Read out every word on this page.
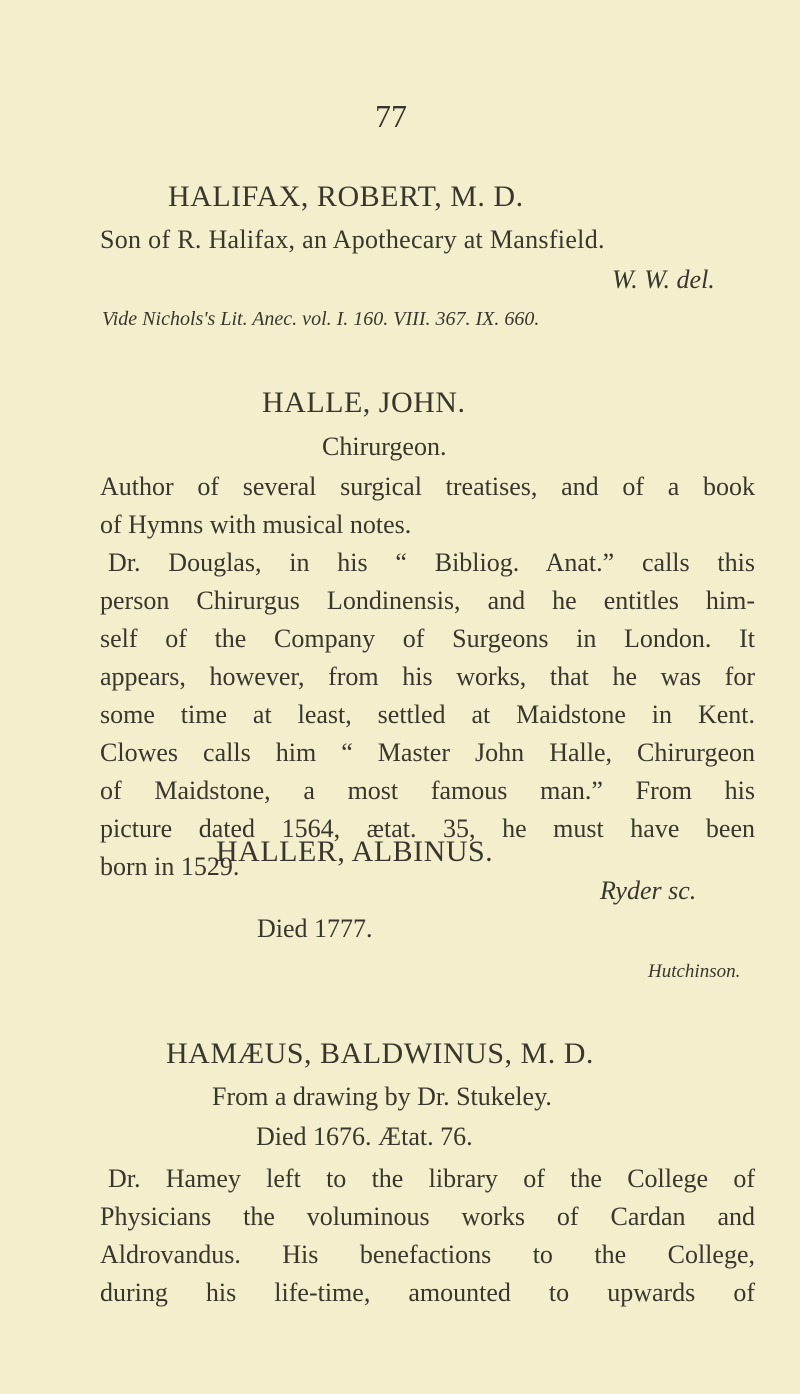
77
HALIFAX, ROBERT, M. D.
Son of R. Halifax, an Apothecary at Mansfield.
W. W. del.
Vide Nichols's Lit. Anec. vol. I. 160. VIII. 367. IX. 660.
HALLE, JOHN.
Chirurgeon.
Author of several surgical treatises, and of a book
of Hymns with musical notes.
Dr. Douglas, in his “ Bibliog. Anat.” calls this
person Chirurgus Londinensis, and he entitles him-
self of the Company of Surgeons in London. It
appears, however, from his works, that he was for
some time at least, settled at Maidstone in Kent.
Clowes calls him “ Master John Halle, Chirurgeon
of Maidstone, a most famous man.” From his
picture dated 1564, ætat. 35, he must have been
born in 1529.
HALLER, ALBINUS.
Ryder sc.
Died 1777.
Hutchinson.
HAMÆUS, BALDWINUS, M. D.
From a drawing by Dr. Stukeley.
Died 1676. Ætat. 76.
Dr. Hamey left to the library of the College of
Physicians the voluminous works of Cardan and
Aldrovandus. His benefactions to the College,
during his life-time, amounted to upwards of
